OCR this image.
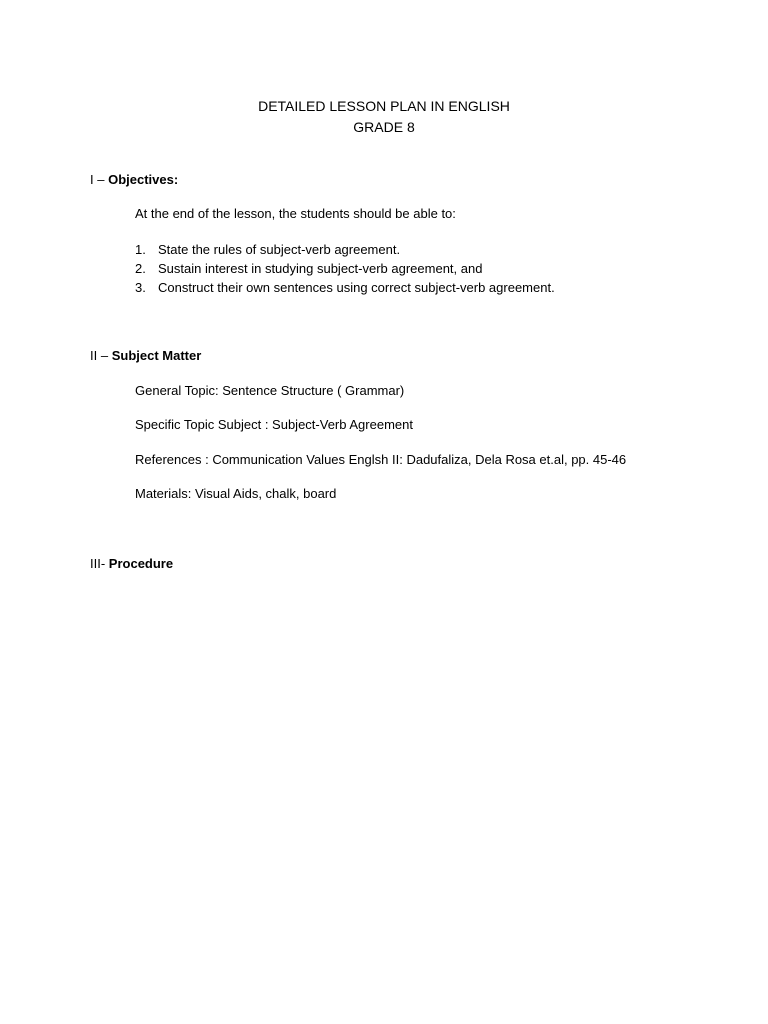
DETAILED LESSON PLAN IN ENGLISH
GRADE 8
I – Objectives:

At the end of the lesson, the students should be able to:

1. State the rules of subject-verb agreement.
2. Sustain interest in studying subject-verb agreement, and
3. Construct their own sentences using correct subject-verb agreement.
II – Subject Matter

General Topic: Sentence Structure ( Grammar)

Specific Topic Subject : Subject-Verb Agreement

References : Communication Values Englsh II: Dadufaliza, Dela Rosa et.al, pp. 45-46

Materials: Visual Aids, chalk, board

III- Procedure
